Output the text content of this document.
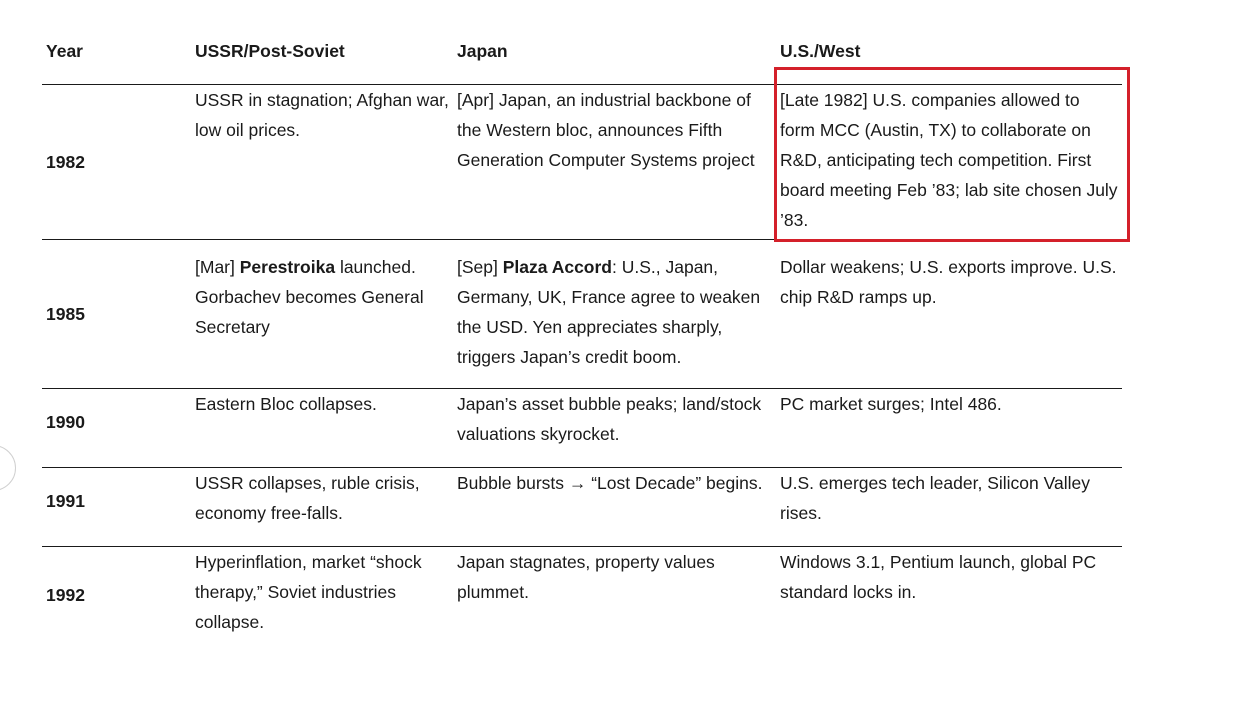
Year	USSR/Post-Soviet	Japan	U.S./West
1982	USSR in stagnation; Afghan war, low oil prices.	[Apr] Japan, an industrial backbone of the Western bloc, announces Fifth Generation Computer Systems project	[Late 1982] U.S. companies allowed to form MCC (Austin, TX) to collaborate on R&D, anticipating tech competition. First board meeting Feb ’83; lab site chosen July ’83.
1985	[Mar] Perestroika launched. Gorbachev becomes General Secretary	[Sep] Plaza Accord: U.S., Japan, Germany, UK, France agree to weaken the USD. Yen appreciates sharply, triggers Japan’s credit boom.	Dollar weakens; U.S. exports improve. U.S. chip R&D ramps up.
1990	Eastern Bloc collapses.	Japan’s asset bubble peaks; land/stock valuations skyrocket.	PC market surges; Intel 486.
1991	USSR collapses, ruble crisis, economy free-falls.	Bubble bursts → “Lost Decade” begins.	U.S. emerges tech leader, Silicon Valley rises.
1992	Hyperinflation, market “shock therapy,” Soviet industries collapse.	Japan stagnates, property values plummet.	Windows 3.1, Pentium launch, global PC standard locks in.
